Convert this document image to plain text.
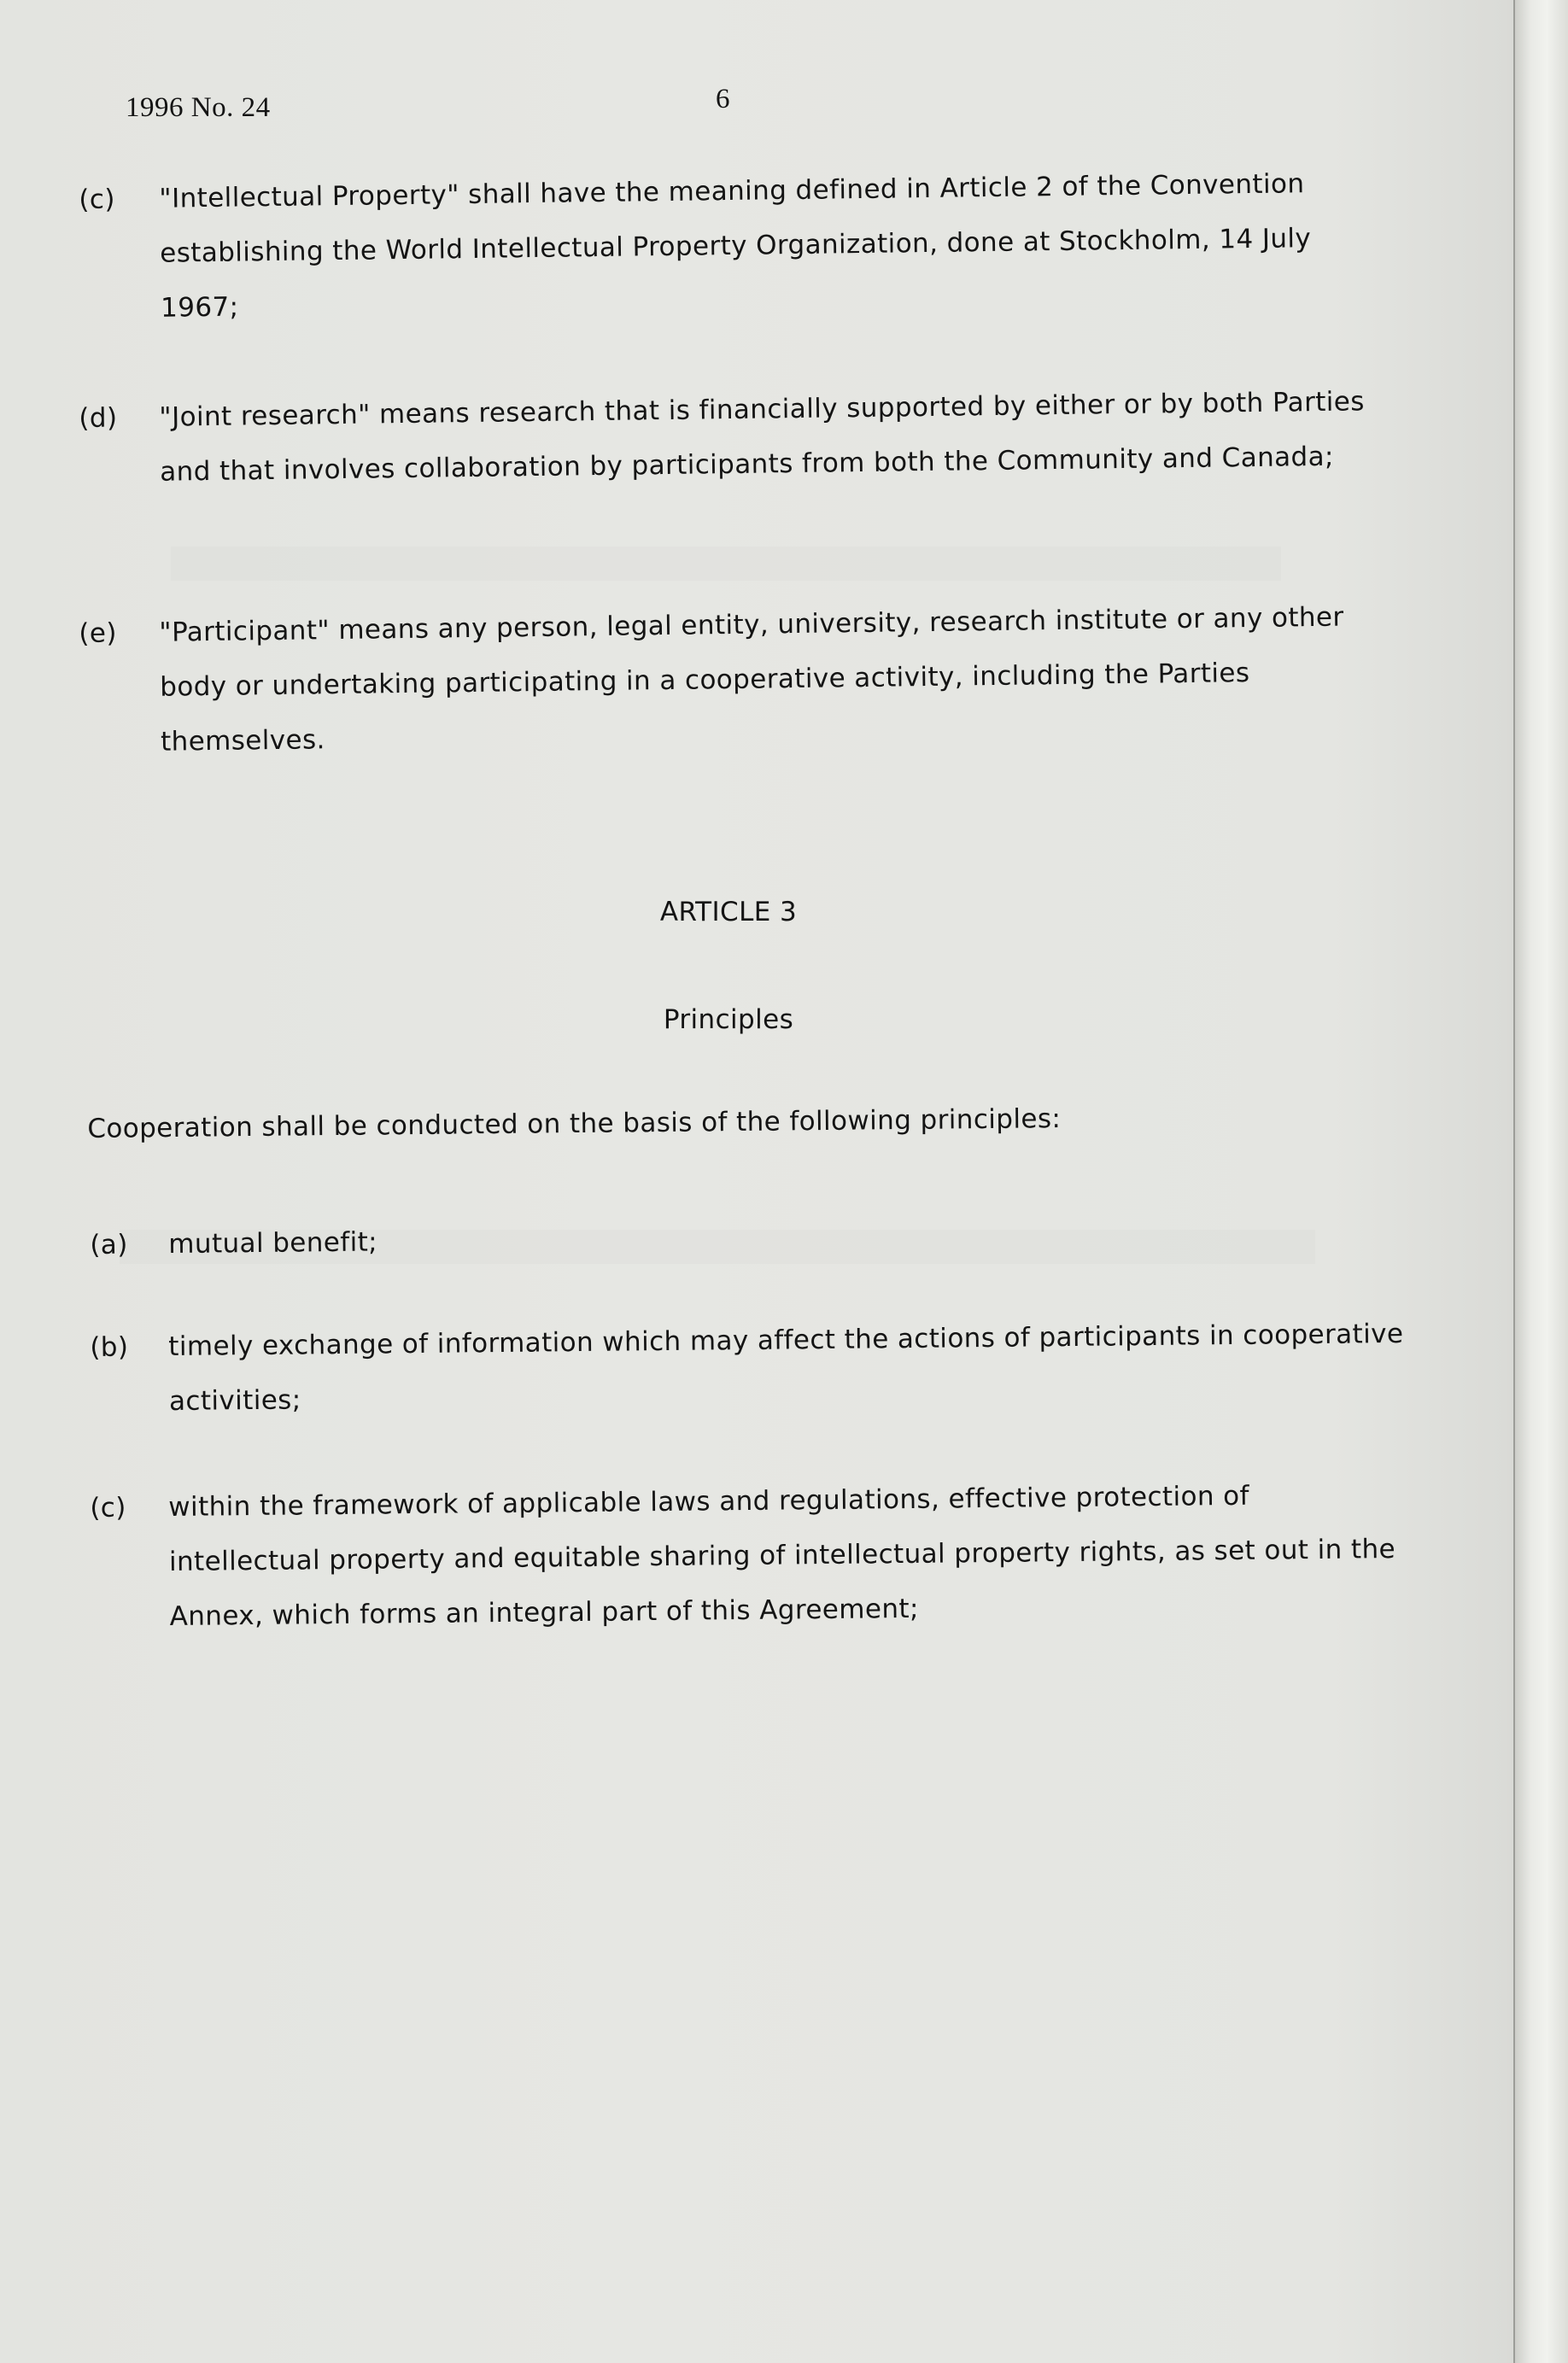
1996 No. 24	6
(c)	"Intellectual Property" shall have the meaning defined in Article 2 of the Convention establishing the World Intellectual Property Organization, done at Stockholm, 14 July 1967;
(d)	"Joint research" means research that is financially supported by either or by both Parties and that involves collaboration by participants from both the Community and Canada;
(e)	"Participant" means any person, legal entity, university, research institute or any other body or undertaking participating in a cooperative activity, including the Parties themselves.
ARTICLE 3
Principles
Cooperation shall be conducted on the basis of the following principles:
(a)	mutual benefit;
(b)	timely exchange of information which may affect the actions of participants in cooperative activities;
(c)	within the framework of applicable laws and regulations, effective protection of intellectual property and equitable sharing of intellectual property rights, as set out in the Annex, which forms an integral part of this Agreement;
